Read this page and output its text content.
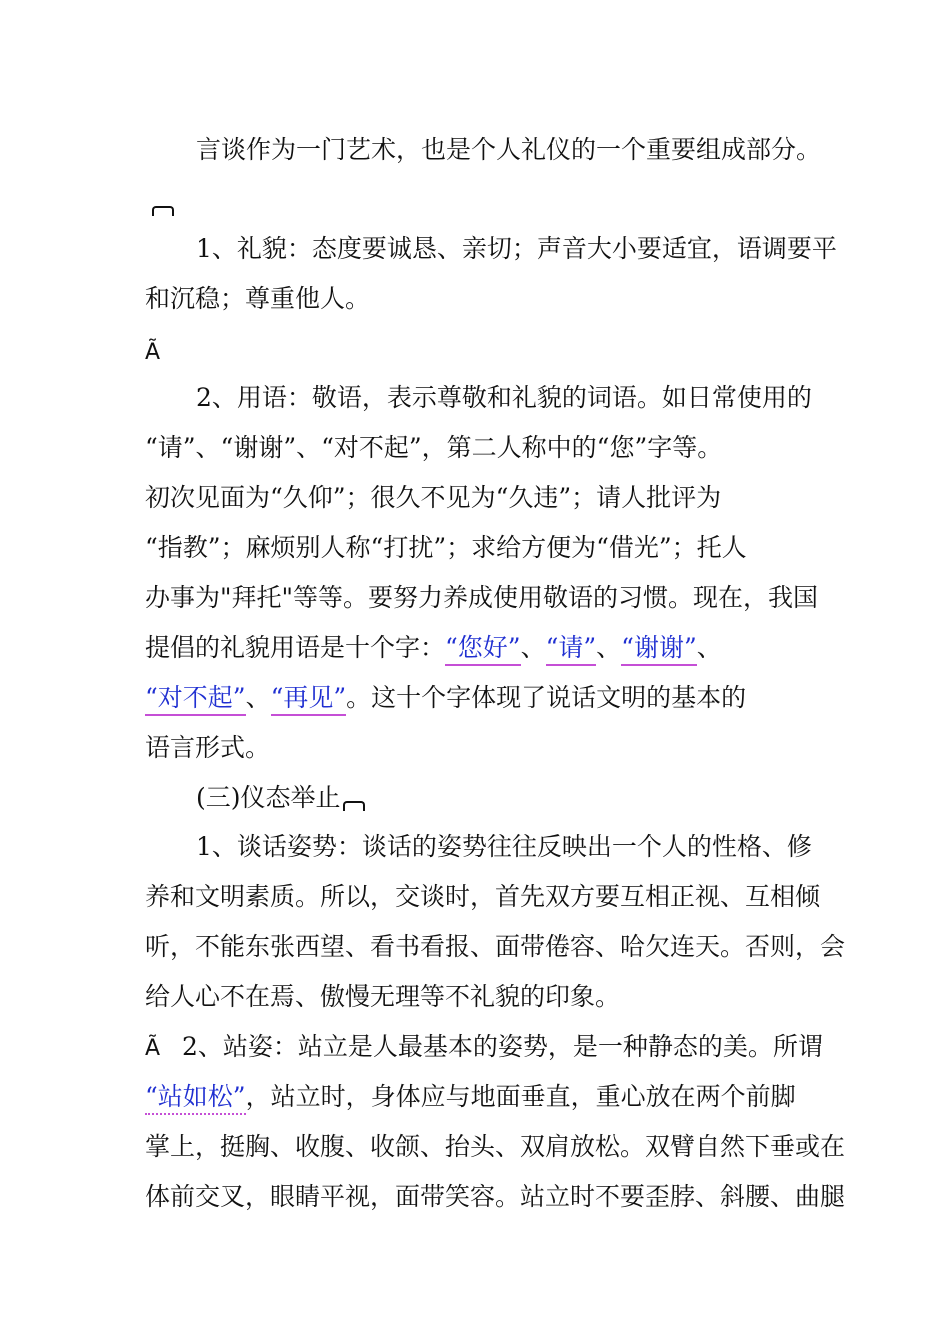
言谈作为一门艺术，也是个人礼仪的一个重要组成部分。
1、礼貌：态度要诚恳、亲切；声音大小要适宜，语调要平
和沉稳；尊重他人。
Ã
2、用语：敬语，表示尊敬和礼貌的词语。如日常使用的
“请”、“谢谢”、“对不起”，第二人称中的“您”字等。
初次见面为“久仰”；很久不见为“久违”；请人批评为
“指教”；麻烦别人称“打扰”；求给方便为“借光”；托人
办事为"拜托"等等。要努力养成使用敬语的习惯。现在，我国
提倡的礼貌用语是十个字：“您好”、“请”、“谢谢”、
“对不起”、“再见”。这十个字体现了说话文明的基本的
语言形式。
(三)仪态举止
1、谈话姿势：谈话的姿势往往反映出一个人的性格、修
养和文明素质。所以，交谈时，首先双方要互相正视、互相倾
听，不能东张西望、看书看报、面带倦容、哈欠连天。否则，会
给人心不在焉、傲慢无理等不礼貌的印象。
Ã 2、站姿：站立是人最基本的姿势，是一种静态的美。所谓
“站如松”，站立时，身体应与地面垂直，重心放在两个前脚
掌上，挺胸、收腹、收颌、抬头、双肩放松。双臂自然下垂或在
体前交叉，眼睛平视，面带笑容。站立时不要歪脖、斜腰、曲腿
